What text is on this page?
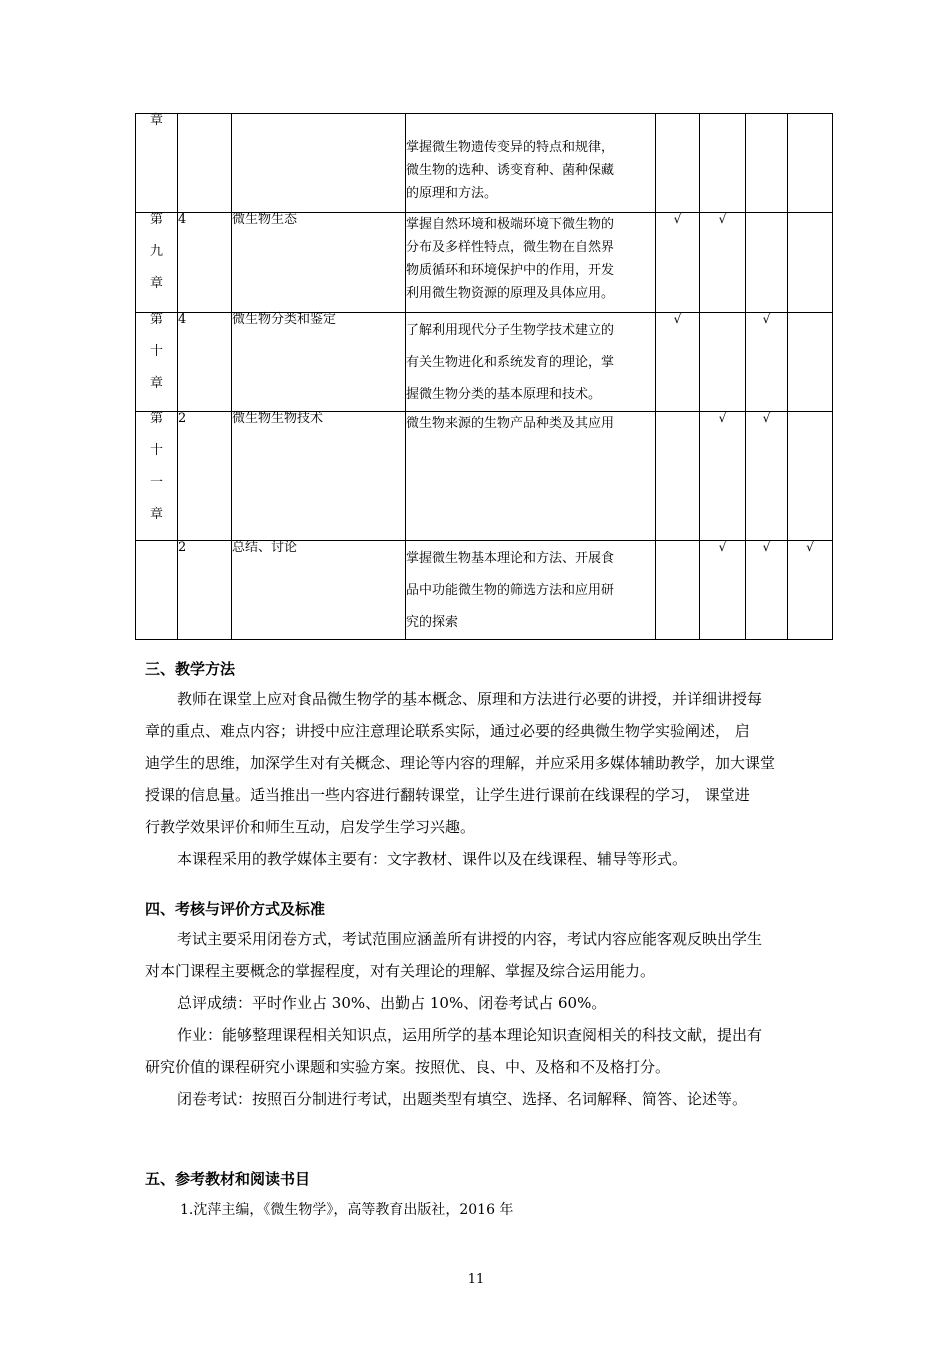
章			掌握微生物遗传变异的特点和规律，
微生物的选种、诱变育种、菌种保藏
的原理和方法。				

第
九
章	4	微生物生态	掌握自然环境和极端环境下微生物的
分布及多样性特点，微生物在自然界
物质循环和环境保护中的作用，开发
利用微生物资源的原理及具体应用。	√	√		

第
十
章	4	微生物分类和鉴定	了解利用现代分子生物学技术建立的
有关生物进化和系统发育的理论，掌
握微生物分类的基本原理和技术。	√		√	

第
十
一
章	2	微生物生物技术	微生物来源的生物产品种类及其应用		√	√	
	2	总结、讨论	掌握微生物基本理论和方法、开展食
品中功能微生物的筛选方法和应用研
究的探索		√	√	√
三、教学方法
教师在课堂上应对食品微生物学的基本概念、原理和方法进行必要的讲授，并详细讲授每
章的重点、难点内容；讲授中应注意理论联系实际，通过必要的经典微生物学实验阐述， 启
迪学生的思维，加深学生对有关概念、理论等内容的理解，并应采用多媒体辅助教学，加大课堂
授课的信息量。适当推出一些内容进行翻转课堂，让学生进行课前在线课程的学习， 课堂进
行教学效果评价和师生互动，启发学生学习兴趣。
本课程采用的教学媒体主要有：文字教材、课件以及在线课程、辅导等形式。
四、考核与评价方式及标准
考试主要采用闭卷方式，考试范围应涵盖所有讲授的内容，考试内容应能客观反映出学生
对本门课程主要概念的掌握程度，对有关理论的理解、掌握及综合运用能力。
总评成绩：平时作业占 30%、出勤占 10%、闭卷考试占 60%。
作业：能够整理课程相关知识点，运用所学的基本理论知识查阅相关的科技文献，提出有
研究价值的课程研究小课题和实验方案。按照优、良、中、及格和不及格打分。
闭卷考试：按照百分制进行考试，出题类型有填空、选择、名词解释、简答、论述等。
五、参考教材和阅读书目
1.沈萍主编，《微生物学》，高等教育出版社，2016 年
11
